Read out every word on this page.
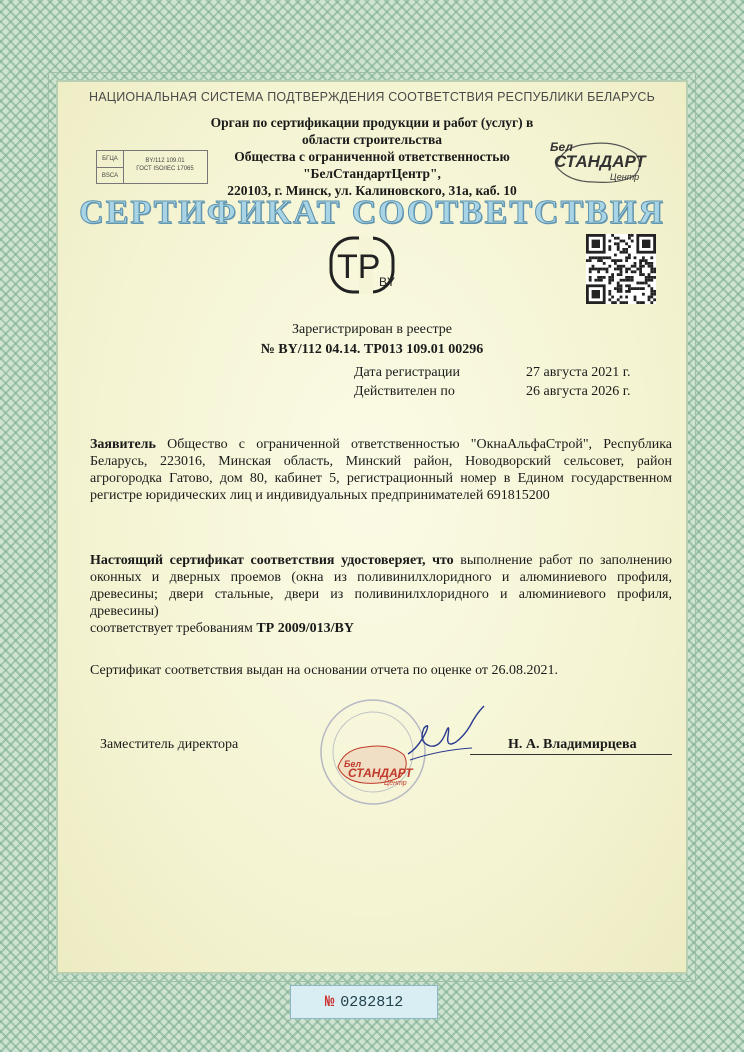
НАЦИОНАЛЬНАЯ СИСТЕМА ПОДТВЕРЖДЕНИЯ СООТВЕТСТВИЯ РЕСПУБЛИКИ БЕЛАРУСЬ
Орган по сертификации продукции и работ (услуг) в
области строительства
Общества с ограниченной ответственностью
"БелСтандартЦентр",
220103, г. Минск, ул. Калиновского, 31а, каб. 10
БГЦА
BSCA
BY/112 109.01
ГОСТ ISO/IEC 17065
Бел
СТАНДАРТ
Центр
СЕРТИФИКАТ СООТВЕТСТВИЯ
ТР
BY
Зарегистрирован в реестре
№ BY/112 04.14. ТР013 109.01 00296
Дата регистрации	27 августа 2021 г.
Действителен по	26 августа 2026 г.
Заявитель Общество с ограниченной ответственностью "ОкнаАльфаСтрой", Республика Беларусь, 223016, Минская область, Минский район, Новодворский сельсовет, район агрогородка Гатово, дом 80, кабинет 5, регистрационный номер в Едином государственном регистре юридических лиц и индивидуальных предпринимателей 691815200
Настоящий сертификат соответствия удостоверяет, что выполнение работ по заполнению оконных и дверных проемов (окна из поливинилхлоридного и алюминиевого профиля, древесины; двери стальные, двери из поливинилхлоридного и алюминиевого профиля, древесины)
соответствует требованиям ТР 2009/013/BY
Сертификат соответствия выдан на основании отчета по оценке от 26.08.2021.
Заместитель директора
Бел
СТАНДАРТ
Центр
Н. А. Владимирцева
№ 0282812
